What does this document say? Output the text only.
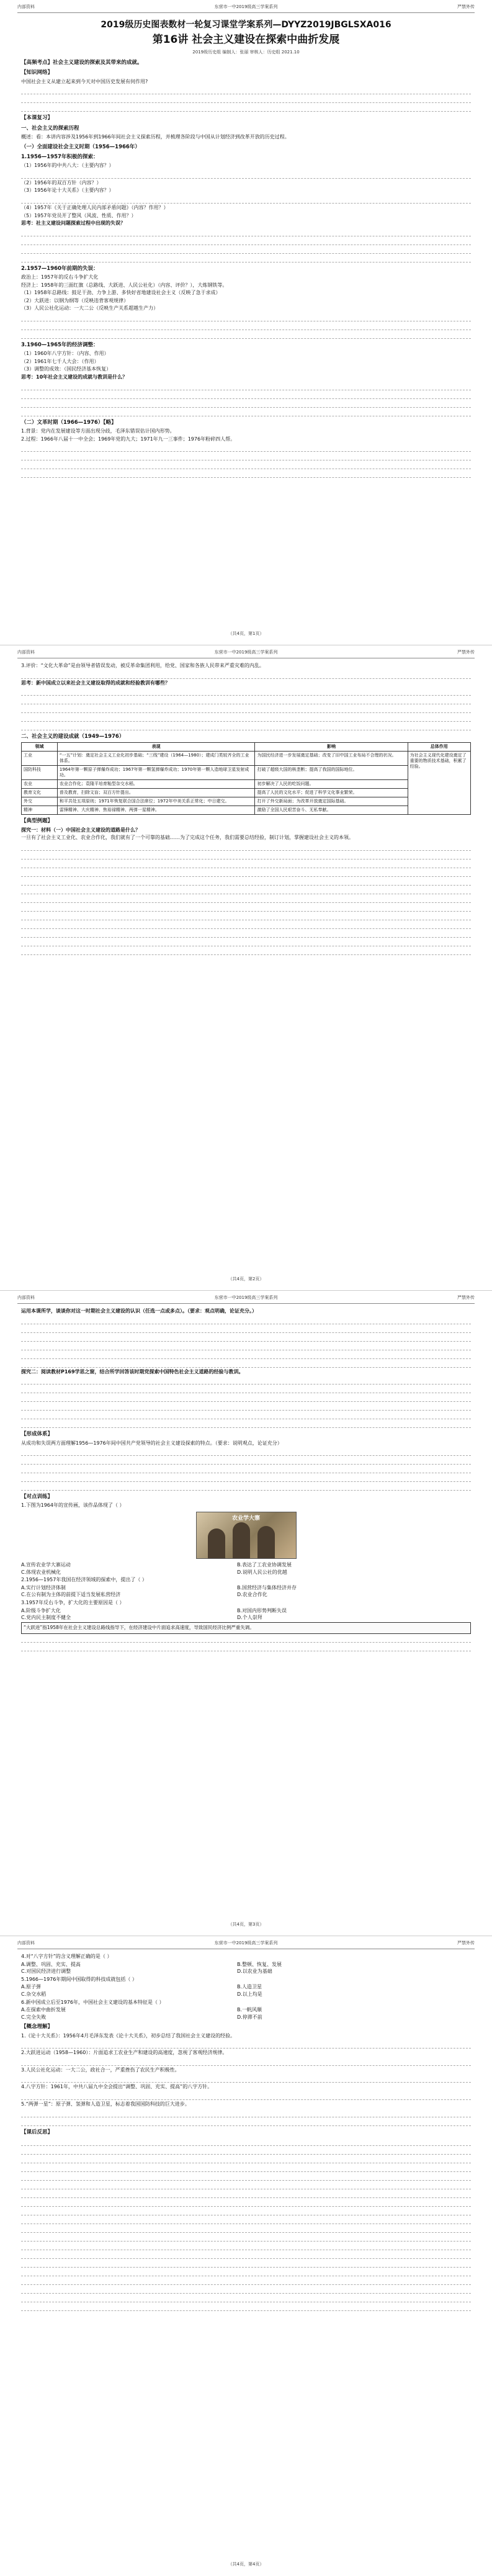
内部资料	东营市一中2019级高三学案系列	严禁外传
2019级历史图表数材一轮复习课堂学案系列—DYYZ2019JBGLSXA016
第16讲 社会主义建设在探索中曲折发展
2019级历史组 编制人：张丽 审核人：历史组 2021.10
【高频考点】社会主义建设的探索及其带来的成就。
【知识网络】
中国社会主义从建立起来到今天对中国历史发展有何作用?
【本课复习】
一、社会主义的探索历程
概述：看：本讲内容涉及1956年到1966年间社会主义探索历程，并梳理各阶段与中国从计划经济到改革开放的历史过程。
（一）全面建设社会主义时期（1956—1966年）
1.1956—1957年积极的探索：
（1）1956年的中共八大：（主要内容？）
（2）1956年的双百方针（内容？）
（3）1956年论十大关系》（主要内容？）
（4）1957年《关于正确处理人民内部矛盾问题》（内容？作用？）
（5）1957年党员开了整风（风波、性质、作用？）
思考：社主义建设问题探索过程中出现的失误？
2.1957—1960年前期的失误：
政治上：1957年的反右斗争扩大化
经济上：1958年的三面红旗（总路线、大跃进、人民公社化）（内容、评价？），大炼钢铁等。
（1）1958年总路线：鼓足干劲、力争上游、多快好省地建设社会主义（反映了急于求成）
（2）大跃进：以钢为纲等（反映违背客观规律）
（3）人民公社化运动：一大二公（反映生产关系超越生产力）
3.1960—1965年的经济调整：
（1）1960年八字方针：（内容、作用）
（2）1961年七千人大会：（作用）
（3）调整的成效：（国民经济基本恢复）
思考：10年社会主义建设的成就与教训是什么？
（二）文革时期（1966—1976）【略】
1.背景：党内在发展建设等方面出现分歧，毛泽东错误估计国内形势。
2.过程：1966年八届十一中全会；1969年党的九大；1971年九一三事件；1976年粉碎四人帮。
（共4页，第1页）
内部资料	东营市一中2019级高三学案系列	严禁外传
3.评价：“文化大革命”是由领导者错误发动，被反革命集团利用，给党、国家和各族人民带来严重灾难的内乱。
思考：新中国成立以来社会主义建设取得的成就和经验教训有哪些？
二、社会主义的建设成就（1949—1976）
领域	表现	影响	总体作用
工业	“一五”计划：奠定社会主义工业化初步基础；“三线”建设（1964—1980）；建成门类较齐全的工业体系。	为国民经济进一步发展奠定基础；改变了旧中国工业布局不合理的状况。	为社会主义现代化建设奠定了重要的物质技术基础，积累了经验。
国防科技	1964年第一颗原子弹爆炸成功；1967年第一颗氢弹爆炸成功；1970年第一颗人造地球卫星发射成功。	打破了超级大国的核垄断；提高了我国的国际地位。	
农业	农业合作化；袁隆平培育籼型杂交水稻。	初步解决了人民的吃饭问题。	
教育文化	普及教育，扫除文盲；双百方针提出。	提高了人民的文化水平；促进了科学文化事业繁荣。	
外交	和平共处五项原则；1971年恢复联合国合法席位；1972年中美关系正常化；中日建交。	打开了外交新局面；为改革开放奠定国际基础。	
精神	雷锋精神、大庆精神、焦裕禄精神、两弹一星精神。	激励了全国人民艰苦奋斗、无私奉献。	
【典型例题】
探究一：材料（一）中国社会主义建设的道路是什么？
一旦有了社会主义工业化、农业合作化，我们就有了一个可靠的基础……为了完成这个任务，我们需要总结经验，制订计划，掌握建设社会主义的本领。
（共4页，第2页）
内部资料	东营市一中2019级高三学案系列	严禁外传
运用本课所学，谈谈你对这一时期社会主义建设的认识（任选一点或多点）。（要求：观点明确，论证充分。）
探究二：阅读教材P169学思之窗，结合所学回答该时期党探索中国特色社会主义道路的经验与教训。
【形成体系】
从成功和失误两方面理解1956—1976年间中国共产党领导的社会主义建设探索的特点。（要求：说明观点，论证充分）
【对点训练】
1.下图为1964年的宣传画，该作品体现了（ ）
农业学大寨
A.宣传农业学大寨运动	B.表达了工农业协调发展 C.体现农业机械化	D.说明人民公社的优越
2.1956—1957年我国在经济领域的探索中，提出了（ ）
A.实行计划经济体制	B.国营经济与集体经济并存 C.在公有制为主体的前提下适当发展私营经济	D.农业合作化
3.1957年反右斗争，扩大化的主要原因是（ ）
A.阶级斗争扩大化	B.对国内形势判断失误 C.党内民主制度不健全	D.个人崇拜
“大跃进”指1958年在社会主义建设总路线指导下，在经济建设中片面追求高速度，导致国民经济比例严重失调。
（共4页，第3页）
内部资料	东营市一中2019级高三学案系列	严禁外传
4.对“八字方针”的含义理解正确的是（ ）
A.调整、巩固、充实、提高	B.整顿、恢复、发展 C.对国民经济进行调整	D.以农业为基础
5.1966—1976年期间中国取得的科技成就包括（ ）
A.原子弹	B.人造卫星 C.杂交水稻	D.以上均是
6.新中国成立后至1976年，中国社会主义建设的基本特征是（ ）
A.在探索中曲折发展	B.一帆风顺 C.完全失败	D.停滞不前
【概念理解】
1.《论十大关系》：1956年4月毛泽东发表《论十大关系》，初步总结了我国社会主义建设的经验。
2.大跃进运动（1958—1960）：片面追求工农业生产和建设的高速度，忽视了客观经济规律。
3.人民公社化运动：一大二公，政社合一，严重挫伤了农民生产积极性。
4.八字方针：1961年，中共八届九中全会提出“调整、巩固、充实、提高”的八字方针。
5.“两弹一星”：原子弹、氢弹和人造卫星，标志着我国国防科技的巨大进步。
【课后反思】
（共4页，第4页）
